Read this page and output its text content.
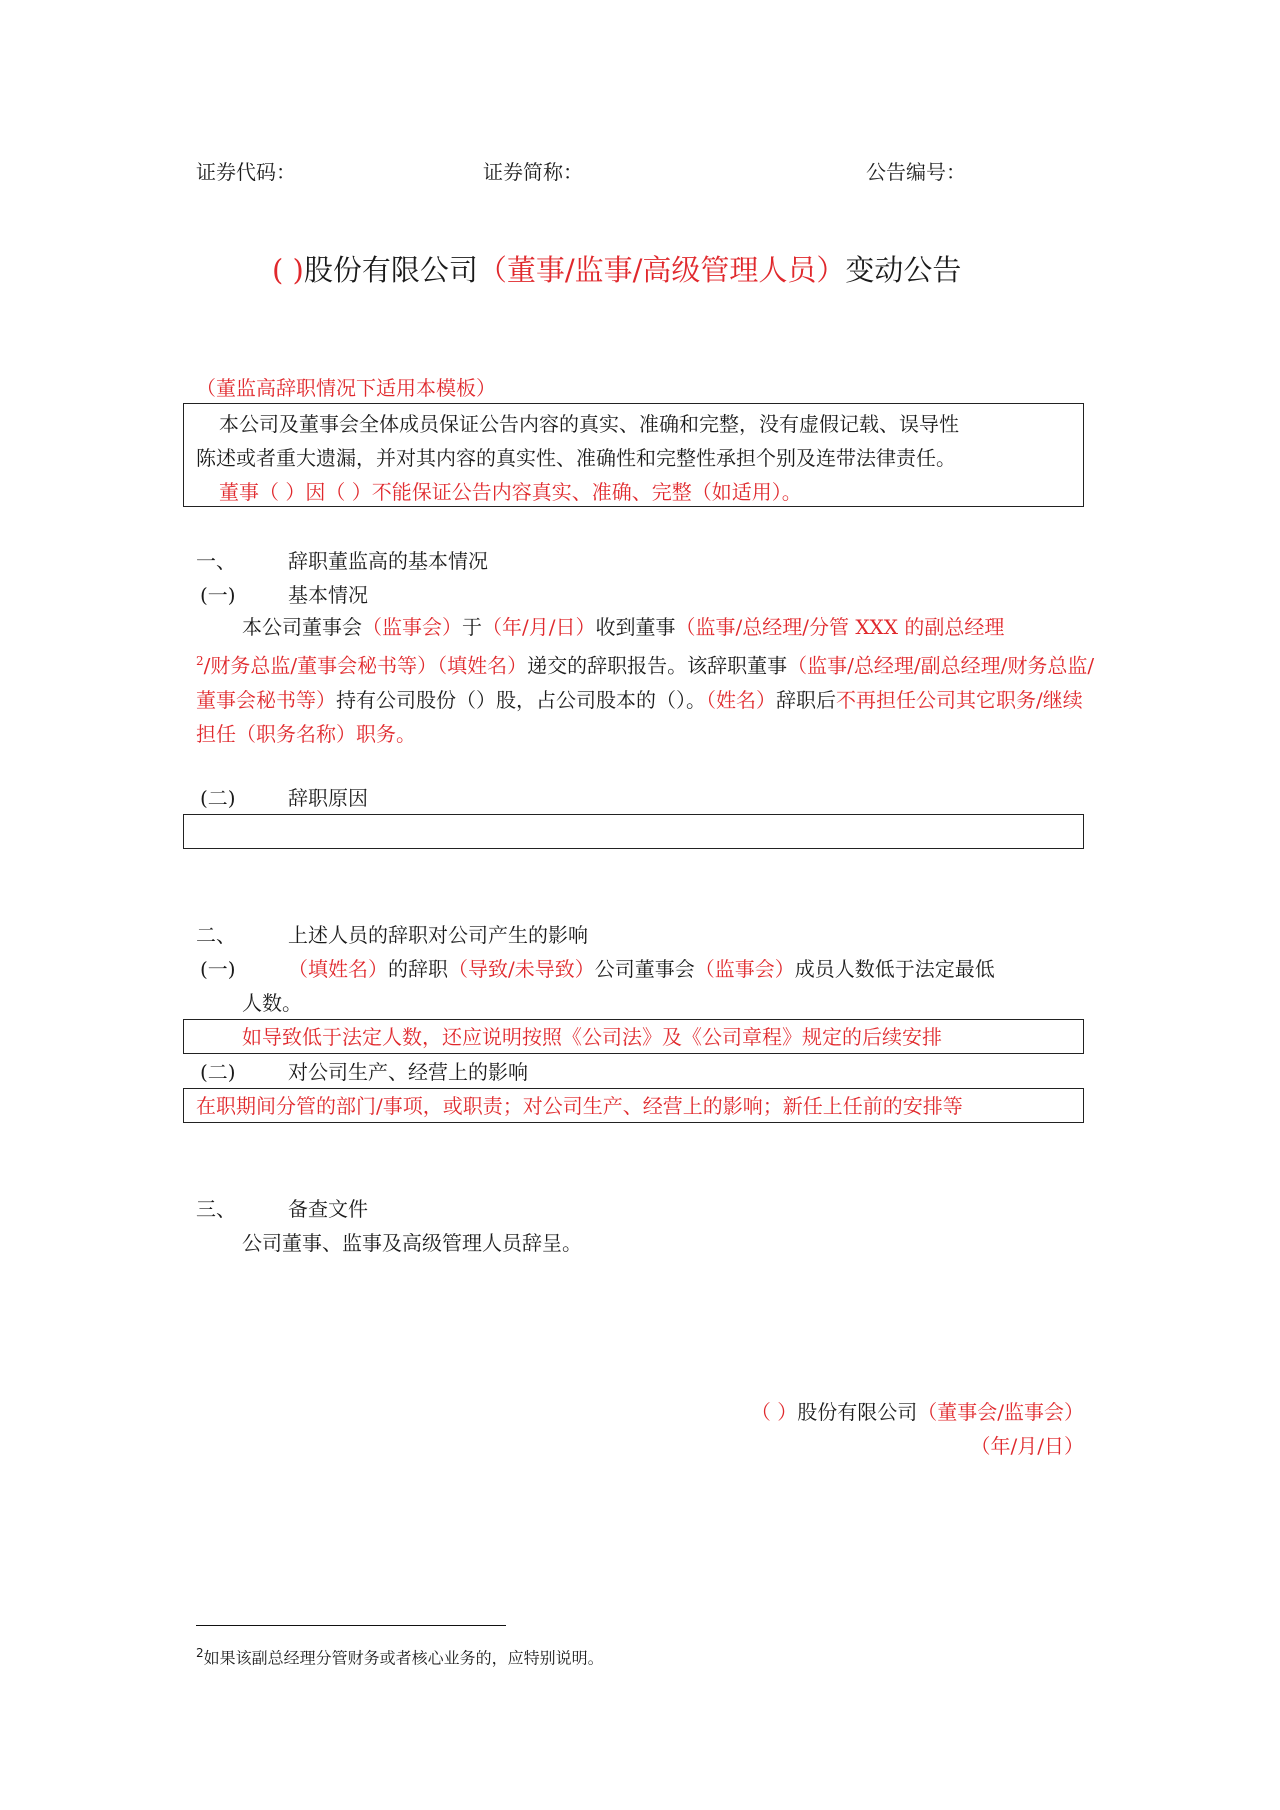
证券代码：	证券简称：	公告编号：
( )股份有限公司（董事/监事/高级管理人员）变动公告
（董监高辞职情况下适用本模板）
本公司及董事会全体成员保证公告内容的真实、准确和完整，没有虚假记载、误导性
陈述或者重大遗漏，并对其内容的真实性、准确性和完整性承担个别及连带法律责任。
董事（ ）因（ ）不能保证公告内容真实、准确、完整（如适用）。
一、	辞职董监高的基本情况
(一)	基本情况
本公司董事会（监事会）于（年/月/日）收到董事（监事/总经理/分管 XXX 的副总经理
$^2$/财务总监/董事会秘书等）（填姓名）递交的辞职报告。该辞职董事（监事/总经理/副总经理/财务总监/董事会秘书等）持有公司股份（）股，占公司股本的（）。（姓名）辞职后不再担任公司其它职务/继续担任（职务名称）职务。
(二)	辞职原因
二、	上述人员的辞职对公司产生的影响
(一)	（填姓名）的辞职（导致/未导致）公司董事会（监事会）成员人数低于法定最低
人数。
如导致低于法定人数，还应说明按照《公司法》及《公司章程》规定的后续安排
(二)	对公司生产、经营上的影响
在职期间分管的部门/事项，或职责；对公司生产、经营上的影响；新任上任前的安排等
三、	备查文件
公司董事、监事及高级管理人员辞呈。
（ ）股份有限公司（董事会/监事会）
（年/月/日）
$^2$如果该副总经理分管财务或者核心业务的，应特别说明。
